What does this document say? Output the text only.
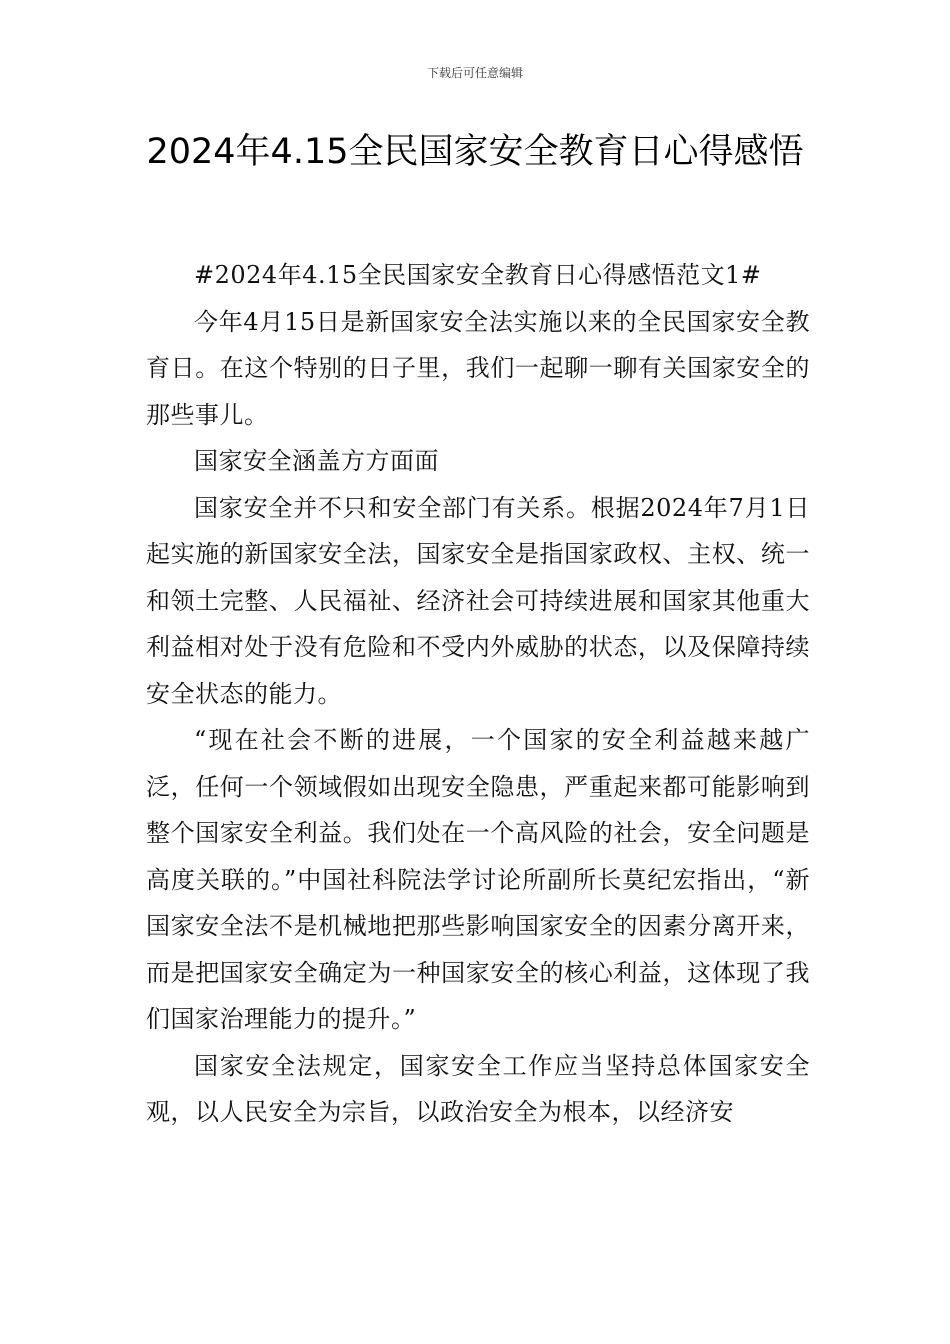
下载后可任意编辑
2024年4.15全民国家安全教育日心得感悟

#2024年4.15全民国家安全教育日心得感悟范文1#

今年4月15日是新国家安全法实施以来的全民国家安全教育日。在这个特别的日子里，我们一起聊一聊有关国家安全的那些事儿。

国家安全涵盖方方面面

国家安全并不只和安全部门有关系。根据2024年7月1日起实施的新国家安全法，国家安全是指国家政权、主权、统一和领土完整、人民福祉、经济社会可持续进展和国家其他重大利益相对处于没有危险和不受内外威胁的状态，以及保障持续安全状态的能力。

“现在社会不断的进展，一个国家的安全利益越来越广泛，任何一个领域假如出现安全隐患，严重起来都可能影响到整个国家安全利益。我们处在一个高风险的社会，安全问题是高度关联的。”中国社科院法学讨论所副所长莫纪宏指出，“新国家安全法不是机械地把那些影响国家安全的因素分离开来，而是把国家安全确定为一种国家安全的核心利益，这体现了我们国家治理能力的提升。”

国家安全法规定，国家安全工作应当坚持总体国家安全观，以人民安全为宗旨，以政治安全为根本，以经济安
